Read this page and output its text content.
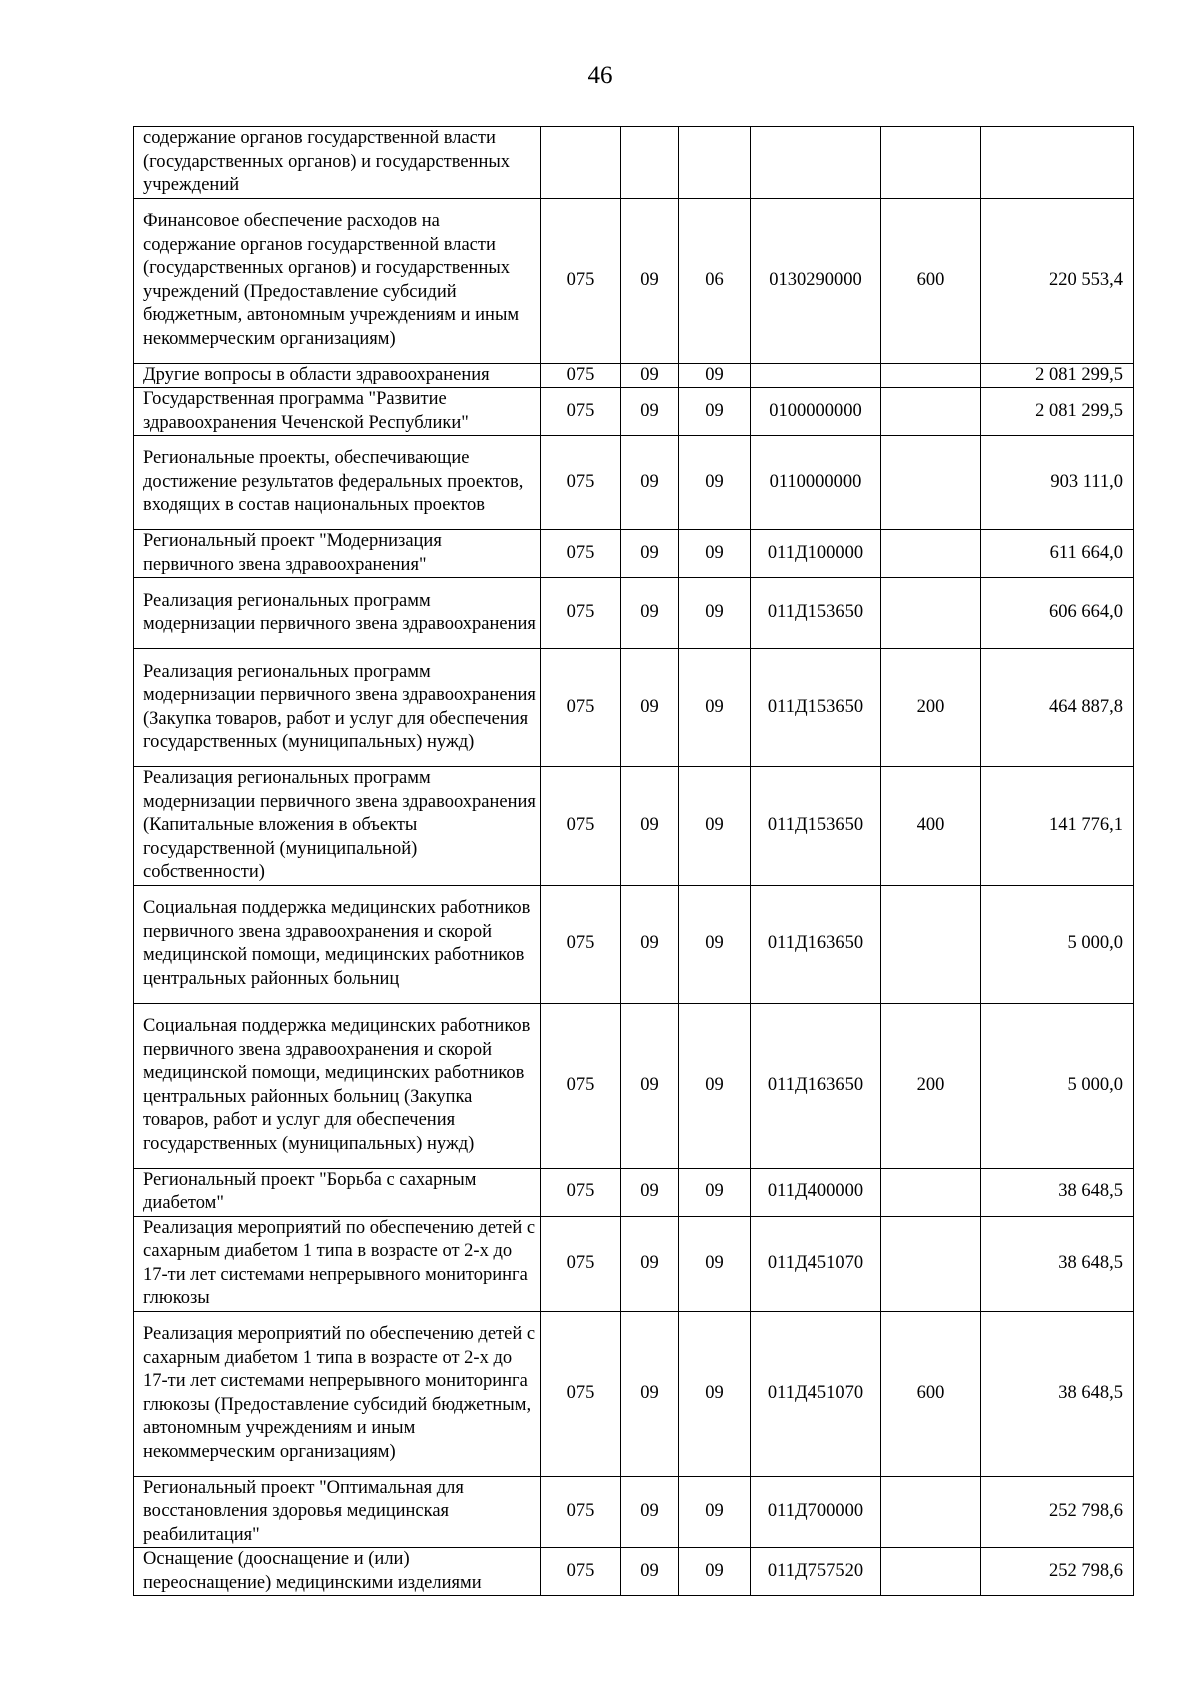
46
содержание органов государственной власти (государственных органов) и государственных учреждений						
Финансовое обеспечение расходов на содержание органов государственной власти (государственных органов) и государственных учреждений (Предоставление субсидий бюджетным, автономным учреждениям и иным некоммерческим организациям)	075	09	06	0130290000	600	220 553,4
Другие вопросы в области здравоохранения	075	09	09			2 081 299,5
Государственная программа "Развитие здравоохранения Чеченской Республики"	075	09	09	0100000000		2 081 299,5
Региональные проекты, обеспечивающие достижение результатов федеральных проектов, входящих в состав национальных проектов	075	09	09	0110000000		903 111,0
Региональный проект "Модернизация первичного звена здравоохранения"	075	09	09	011Д100000		611 664,0
Реализация региональных программ модернизации первичного звена здравоохранения	075	09	09	011Д153650		606 664,0
Реализация региональных программ модернизации первичного звена здравоохранения (Закупка товаров, работ и услуг для обеспечения государственных (муниципальных) нужд)	075	09	09	011Д153650	200	464 887,8
Реализация региональных программ модернизации первичного звена здравоохранения (Капитальные вложения в объекты государственной (муниципальной) собственности)	075	09	09	011Д153650	400	141 776,1
Социальная поддержка медицинских работников первичного звена здравоохранения и скорой медицинской помощи, медицинских работников центральных районных больниц	075	09	09	011Д163650		5 000,0
Социальная поддержка медицинских работников первичного звена здравоохранения и скорой медицинской помощи, медицинских работников центральных районных больниц (Закупка товаров, работ и услуг для обеспечения государственных (муниципальных) нужд)	075	09	09	011Д163650	200	5 000,0
Региональный проект "Борьба с сахарным диабетом"	075	09	09	011Д400000		38 648,5
Реализация мероприятий по обеспечению детей с сахарным диабетом 1 типа в возрасте от 2-х до 17-ти лет системами непрерывного мониторинга глюкозы	075	09	09	011Д451070		38 648,5
Реализация мероприятий по обеспечению детей с сахарным диабетом 1 типа в возрасте от 2-х до 17-ти лет системами непрерывного мониторинга глюкозы (Предоставление субсидий бюджетным, автономным учреждениям и иным некоммерческим организациям)	075	09	09	011Д451070	600	38 648,5
Региональный проект "Оптимальная для восстановления здоровья медицинская реабилитация"	075	09	09	011Д700000		252 798,6
Оснащение (дооснащение и (или) переоснащение) медицинскими изделиями	075	09	09	011Д757520		252 798,6
